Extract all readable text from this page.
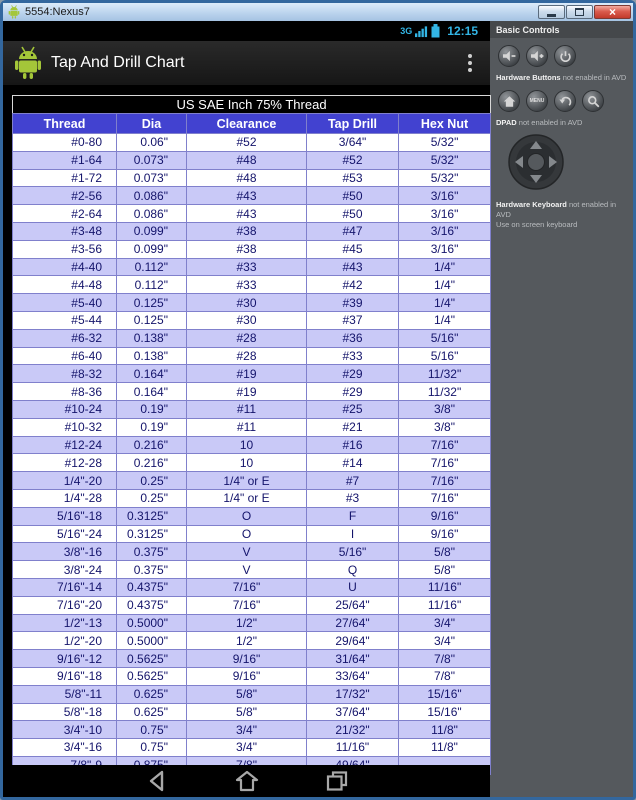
5554:Nexus7	×
3G	12:15
Tap And Drill Chart
US SAE Inch 75% Thread				
Thread	Dia	Clearance	Tap Drill	Hex Nut
#0-80	0.06"	#52	3/64"	5/32"
#1-64	0.073"	#48	#52	5/32"
#1-72	0.073"	#48	#53	5/32"
#2-56	0.086"	#43	#50	3/16"
#2-64	0.086"	#43	#50	3/16"
#3-48	0.099"	#38	#47	3/16"
#3-56	0.099"	#38	#45	3/16"
#4-40	0.112"	#33	#43	1/4"
#4-48	0.112"	#33	#42	1/4"
#5-40	0.125"	#30	#39	1/4"
#5-44	0.125"	#30	#37	1/4"
#6-32	0.138"	#28	#36	5/16"
#6-40	0.138"	#28	#33	5/16"
#8-32	0.164"	#19	#29	11/32"
#8-36	0.164"	#19	#29	11/32"
#10-24	0.19"	#11	#25	3/8"
#10-32	0.19"	#11	#21	3/8"
#12-24	0.216"	10	#16	7/16"
#12-28	0.216"	10	#14	7/16"
1/4"-20	0.25"	1/4" or E	#7	7/16"
1/4"-28	0.25"	1/4" or E	#3	7/16"
5/16"-18	0.3125"	O	F	9/16"
5/16"-24	0.3125"	O	I	9/16"
3/8"-16	0.375"	V	5/16"	5/8"
3/8"-24	0.375"	V	Q	5/8"
7/16"-14	0.4375"	7/16"	U	11/16"
7/16"-20	0.4375"	7/16"	25/64"	11/16"
1/2"-13	0.5000"	1/2"	27/64"	3/4"
1/2"-20	0.5000"	1/2"	29/64"	3/4"
9/16"-12	0.5625"	9/16"	31/64"	7/8"
9/16"-18	0.5625"	9/16"	33/64"	7/8"
5/8"-11	0.625"	5/8"	17/32"	15/16"
5/8"-18	0.625"	5/8"	37/64"	15/16"
3/4"-10	0.75"	3/4"	21/32"	11/8"
3/4"-16	0.75"	3/4"	11/16"	11/8"

Basic Controls
Hardware Buttons not enabled in AVD
MENU
DPAD not enabled in AVD
Hardware Keyboard not enabled in AVD
Use on screen keyboard
